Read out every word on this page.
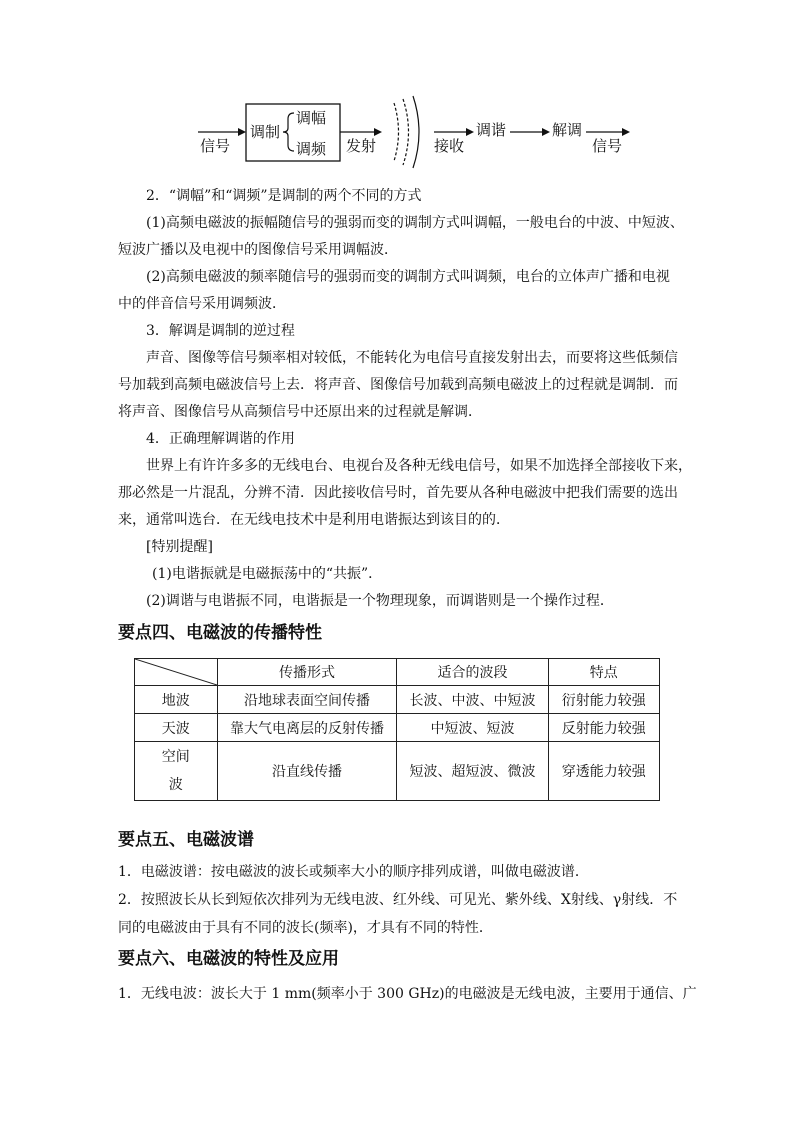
信号
调制
调幅
调频 发射	接收
调谐	解调
信号
2．“调幅”和“调频”是调制的两个不同的方式
(1)高频电磁波的振幅随信号的强弱而变的调制方式叫调幅，一般电台的中波、中短波、
短波广播以及电视中的图像信号采用调幅波．
(2)高频电磁波的频率随信号的强弱而变的调制方式叫调频，电台的立体声广播和电视
中的伴音信号采用调频波．
3．解调是调制的逆过程
声音、图像等信号频率相对较低，不能转化为电信号直接发射出去，而要将这些低频信
号加载到高频电磁波信号上去．将声音、图像信号加载到高频电磁波上的过程就是调制．而
将声音、图像信号从高频信号中还原出来的过程就是解调．
4．正确理解调谐的作用
世界上有许许多多的无线电台、电视台及各种无线电信号，如果不加选择全部接收下来，
那必然是一片混乱，分辨不清．因此接收信号时，首先要从各种电磁波中把我们需要的选出
来，通常叫选台．在无线电技术中是利用电谐振达到该目的的．
[特别提醒]
(1)电谐振就是电磁振荡中的“共振”．
(2)调谐与电谐振不同，电谐振是一个物理现象，而调谐则是一个操作过程．
要点四、电磁波的传播特性
	传播形式	适合的波段	特点
地波	沿地球表面空间传播	长波、中波、中短波	衍射能力较强
天波	靠大气电离层的反射传播	中短波、短波	反射能力较强

空间
波	沿直线传播	短波、超短波、微波	穿透能力较强
要点五、电磁波谱
1．电磁波谱：按电磁波的波长或频率大小的顺序排列成谱，叫做电磁波谱．
2．按照波长从长到短依次排列为无线电波、红外线、可见光、紫外线、X射线、γ射线．不
同的电磁波由于具有不同的波长(频率)，才具有不同的特性．
要点六、电磁波的特性及应用
1．无线电波：波长大于 1 mm(频率小于 300 GHz)的电磁波是无线电波，主要用于通信、广
